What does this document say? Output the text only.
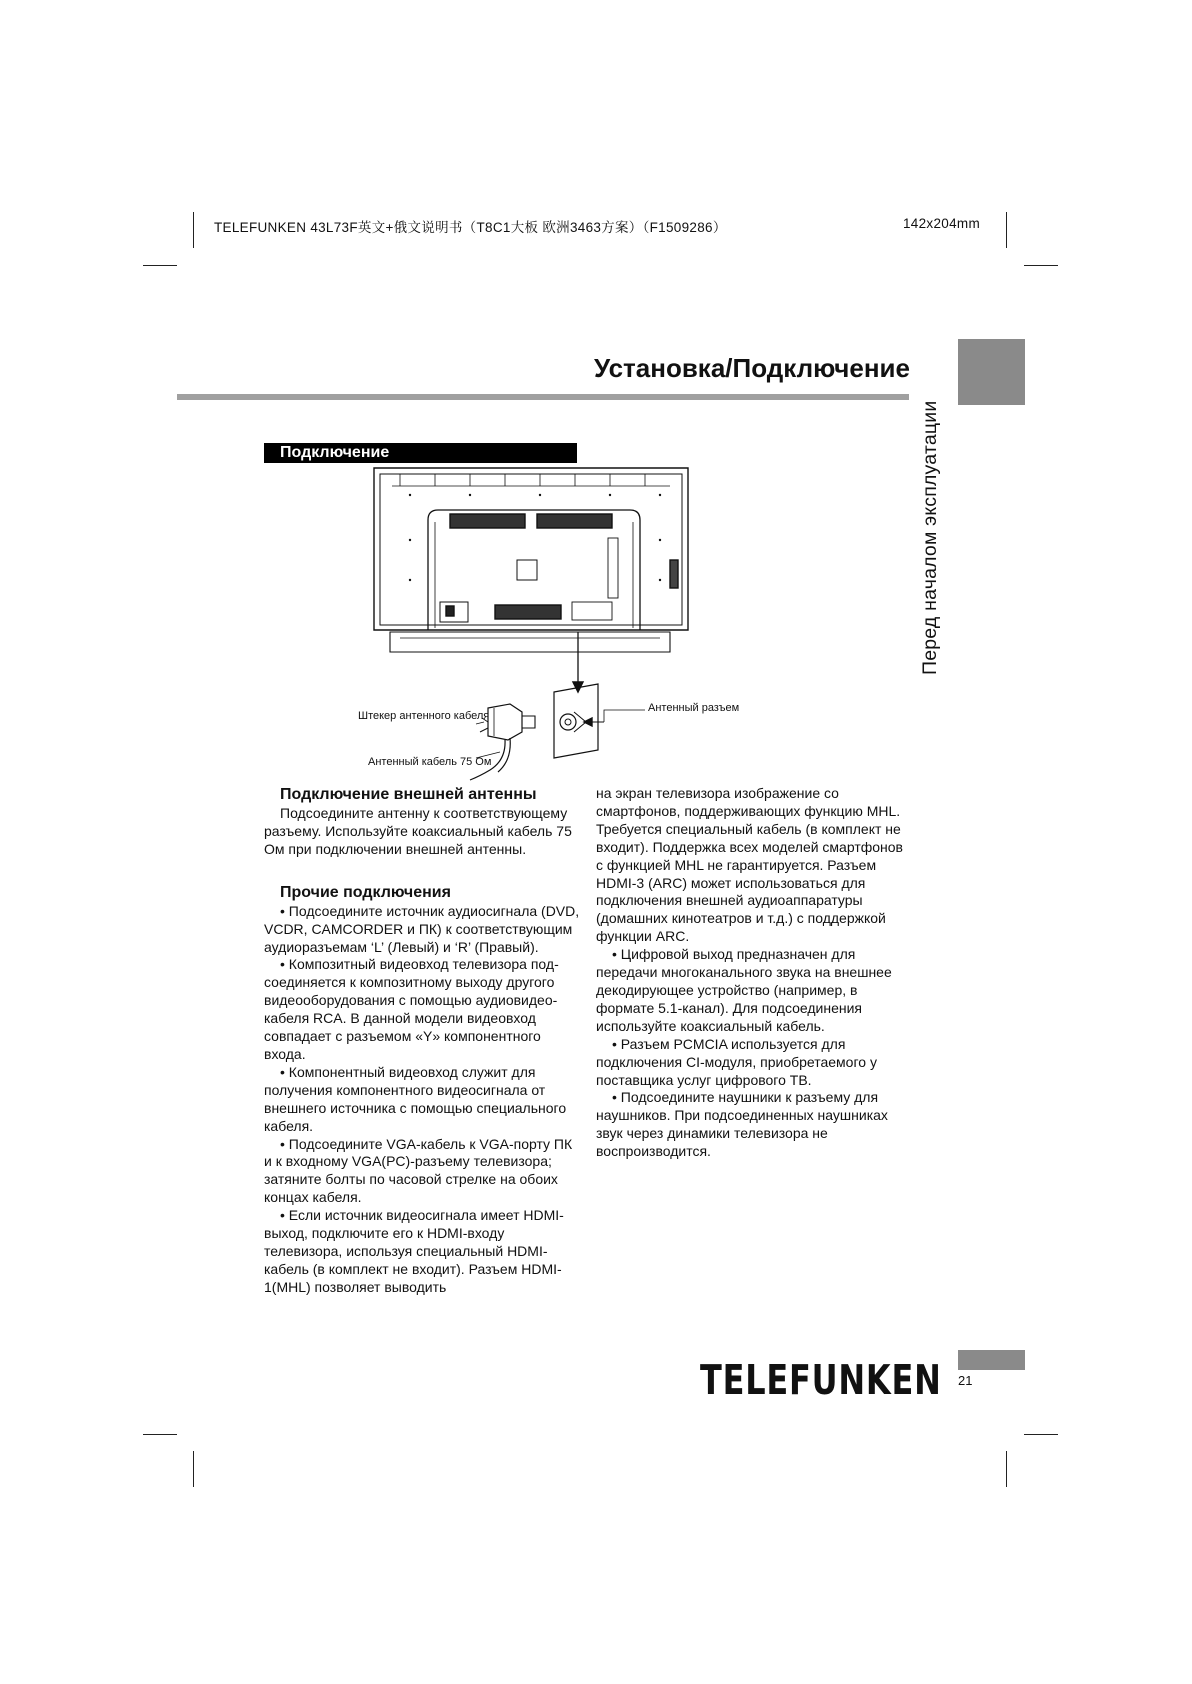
TELEFUNKEN 43L73F英文+俄文说明书（T8C1大板 欧洲3463方案）（F1509286）	142x204mm
Установка/Подключение
Перед началом эксплуатации
Подключение
Штекер антенного кабеля
Антенный кабель 75 Ом
Антенный разъем
Подключение внешней антенны

Подсоедините антенну к соответствующему разъему. Используйте коаксиальный кабель 75 Ом при подключении внешней антенны.

Прочие подключения

• Подсоедините источник аудиосигнала (DVD, VCDR, CAMCORDER и ПК) к соответствующим аудиоразъемам ‘L’ (Левый) и ‘R’ (Правый).

• Композитный видеовход телевизора подсоединяется к композитному выходу другого видеооборудования с помощью аудиовидеокабеля RCA. В данной модели видеовход совпадает с разъемом «Y» компонентного входа.

• Компонентный видеовход служит для получения компонентного видеосигнала от внешнего источника с помощью специального кабеля.

• Подсоедините VGA-кабель к VGA-порту ПК и к входному VGA(PC)-разъему телевизора; затяните болты по часовой стрелке на обоих концах кабеля.

• Если источник видеосигнала имеет HDMI-выход, подключите его к HDMI-входу телевизора, используя специальный HDMI-кабель (в комплект не входит). Разъем HDMI-1(MHL) позволяет выводить

на экран телевизора изображение со смартфонов, поддерживающих функцию MHL. Требуется специальный кабель (в комплект не входит). Поддержка всех моделей смартфонов с функцией MHL не гарантируется. Разъем HDMI-3 (ARC) может использоваться для подключения внешней аудиоаппаратуры (домашних кинотеатров и т.д.) с поддержкой функции ARC.

• Цифровой выход предназначен для передачи многоканального звука на внешнее декодирующее устройство (например, в формате 5.1-канал). Для подсоединения используйте коаксиальный кабель.

• Разъем PCMCIA используется для подключения CI-модуля, приобретаемого у поставщика услуг цифрового ТВ.

• Подсоедините наушники к разъему для наушников. При подсоединенных наушниках звук через динамики телевизора не воспроизводится.

TELEFUNKEN 21
